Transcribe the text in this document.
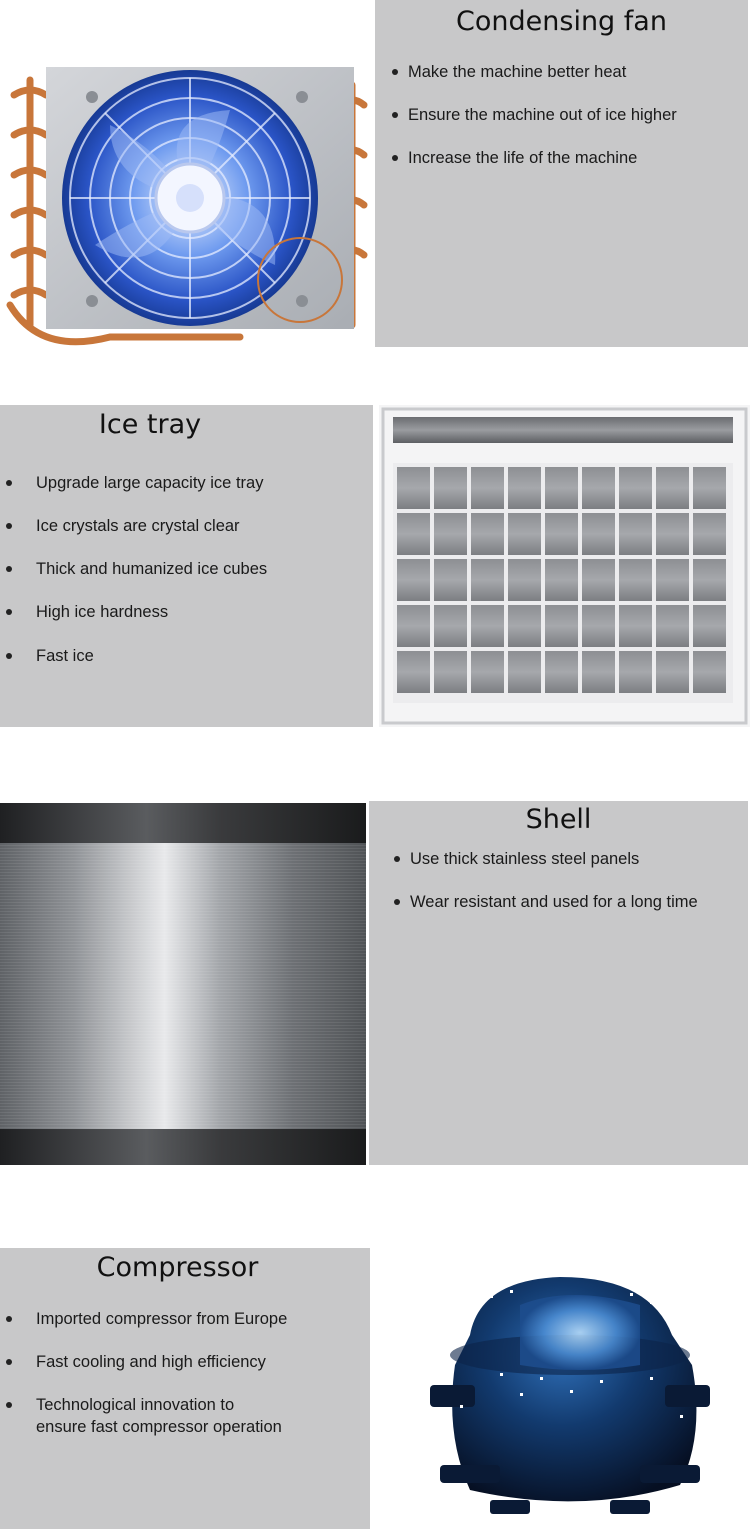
Condensing fan
Make the machine better heat
Ensure the machine out of ice higher
Increase the life of the machine
Ice tray
Upgrade large capacity ice tray
Ice crystals are crystal clear
Thick and humanized ice cubes
High ice hardness
Fast ice
Shell
Use thick stainless steel panels
Wear resistant and used for a long time
Compressor
Imported compressor from Europe
Fast cooling and high efficiency
Technological innovation to ensure fast compressor operation
